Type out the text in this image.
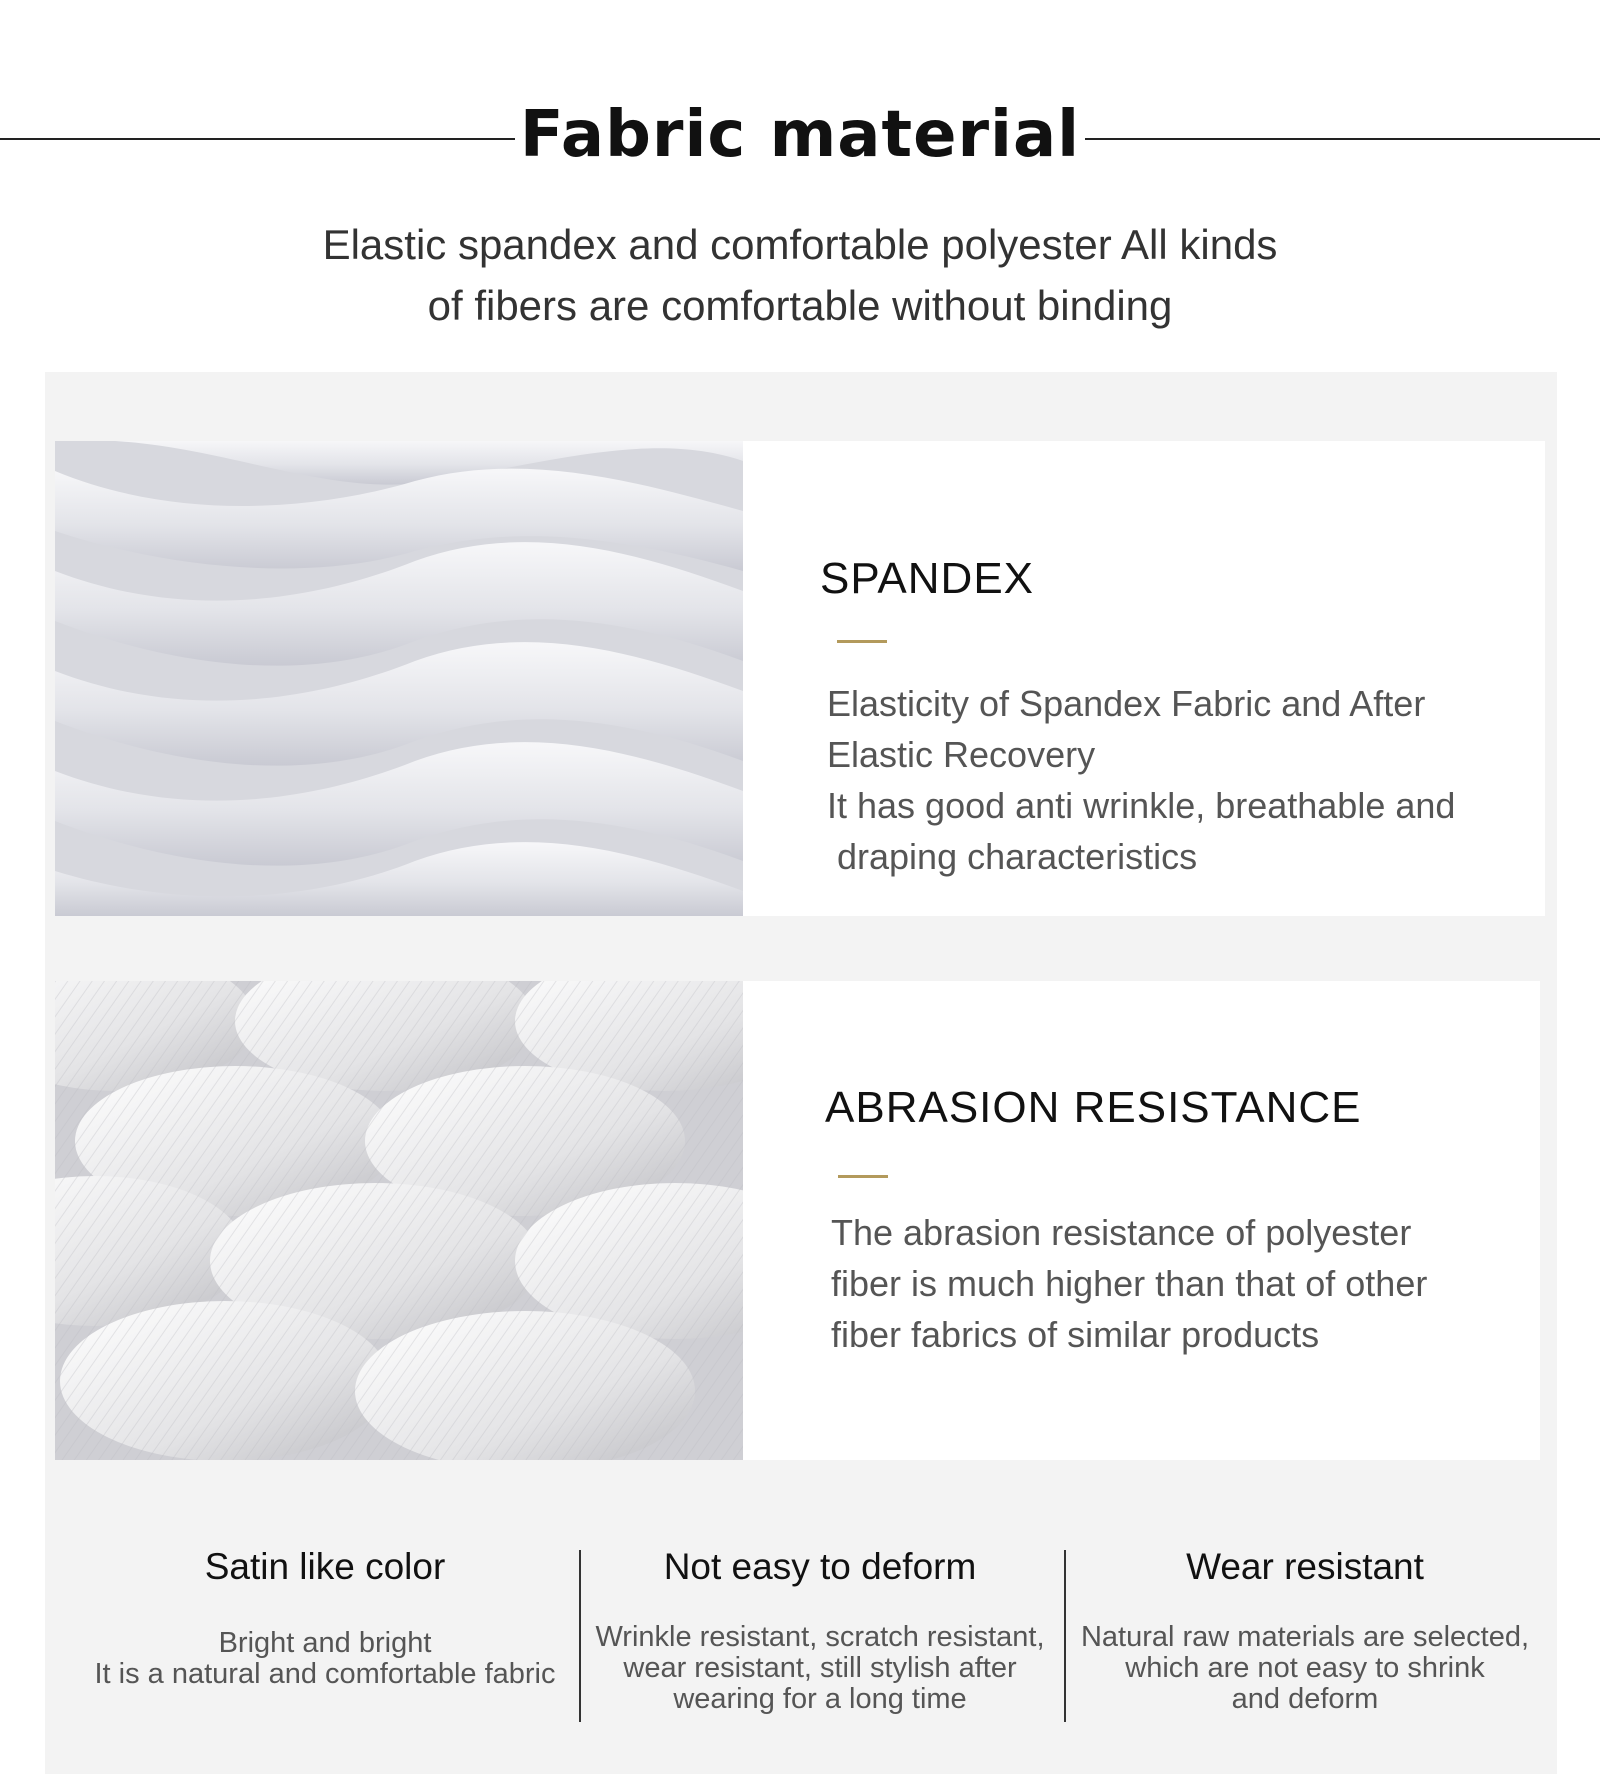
Fabric material
Elastic spandex and comfortable polyester All kinds
of fibers are comfortable without binding
SPANDEX
Elasticity of Spandex Fabric and After
Elastic Recovery
It has good anti wrinkle, breathable and
draping characteristics
ABRASION RESISTANCE
The abrasion resistance of polyester
fiber is much higher than that of other
fiber fabrics of similar products
Satin like color
Bright and bright
It is a natural and comfortable fabric
Not easy to deform
Wrinkle resistant, scratch resistant,
wear resistant, still stylish after
wearing for a long time
Wear resistant
Natural raw materials are selected,
which are not easy to shrink
and deform
